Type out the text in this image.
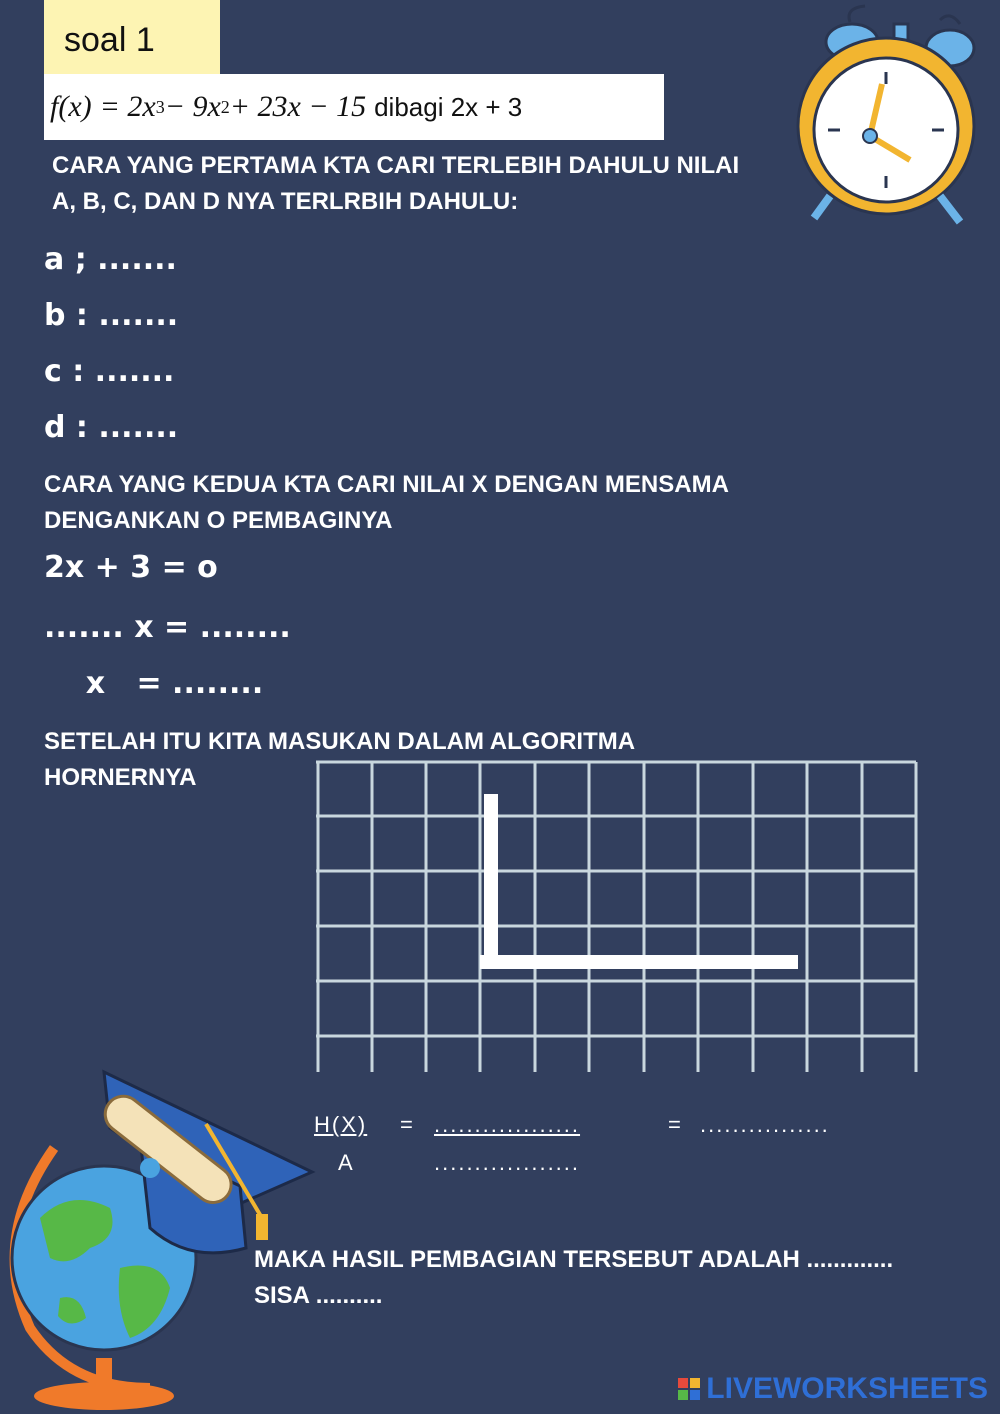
soal 1
f(x) = 2x 3 − 9x 2 + 23x − 15 dibagi 2x + 3
CARA YANG PERTAMA KTA CARI TERLEBIH DAHULU NILAI
A, B, C, DAN D NYA TERLRBIH DAHULU:
a ; .......
b : .......
c : .......
d : .......
CARA YANG KEDUA KTA CARI NILAI X DENGAN MENSAMA
DENGANKAN O PEMBAGINYA
2x + 3 = o
....... x = ........
x   = ........
SETELAH ITU KITA MASUKAN DALAM ALGORITMA
HORNERNYA
H(X)
A
= ..................	= ................
..................
MAKA HASIL PEMBAGIAN TERSEBUT ADALAH .............
SISA ..........
LIVEWORKSHEETS
